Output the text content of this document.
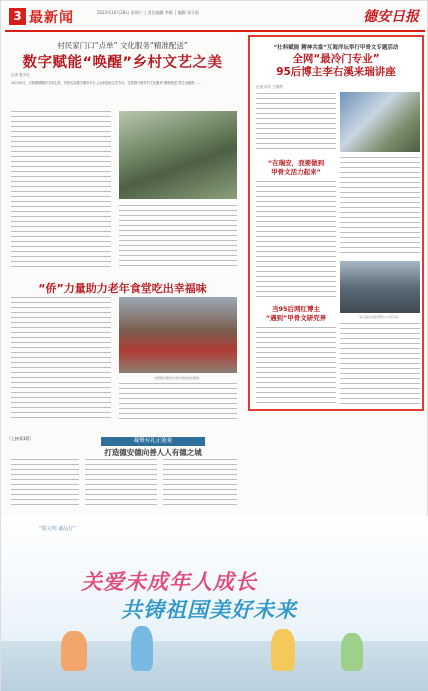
3 最新闻	2023年10月28日 星期六 │ 责任编辑 李群 │ 编辑 邹乐彩	德安日报
村民家门口“点单” 文化服务“精准配送”
数字赋能“唤醒”乡村文艺之美
记者 曾宇佳
10月20日，吉阳镇德顺村文化礼堂，村民们从数字服务平台上点单选取文艺节目，这是德兴镇乡村文化服务“精准配送”的生动缩影……
“侨”力量助力老年食堂吃出幸福味
吉阳镇志愿者为老年食堂送去物资。
（上接第1版）	凝聚有礼正能量
打造德安德向善人人有德之城
“壮料赋能 精神共富”互海洋坛举行甲骨文专题活动
全网“最冷门专业”
95后博主李右溪来瑞讲座
记者 项宇 王锦然
“在瑞安，我要做到
甲骨文活力起来”
李右溪在讲座现场与大家互动。
当95后网红博主
“遇到”甲骨文研究界
“瑞文明 诚品行”
关爱未成年人成长
共铸祖国美好未来
